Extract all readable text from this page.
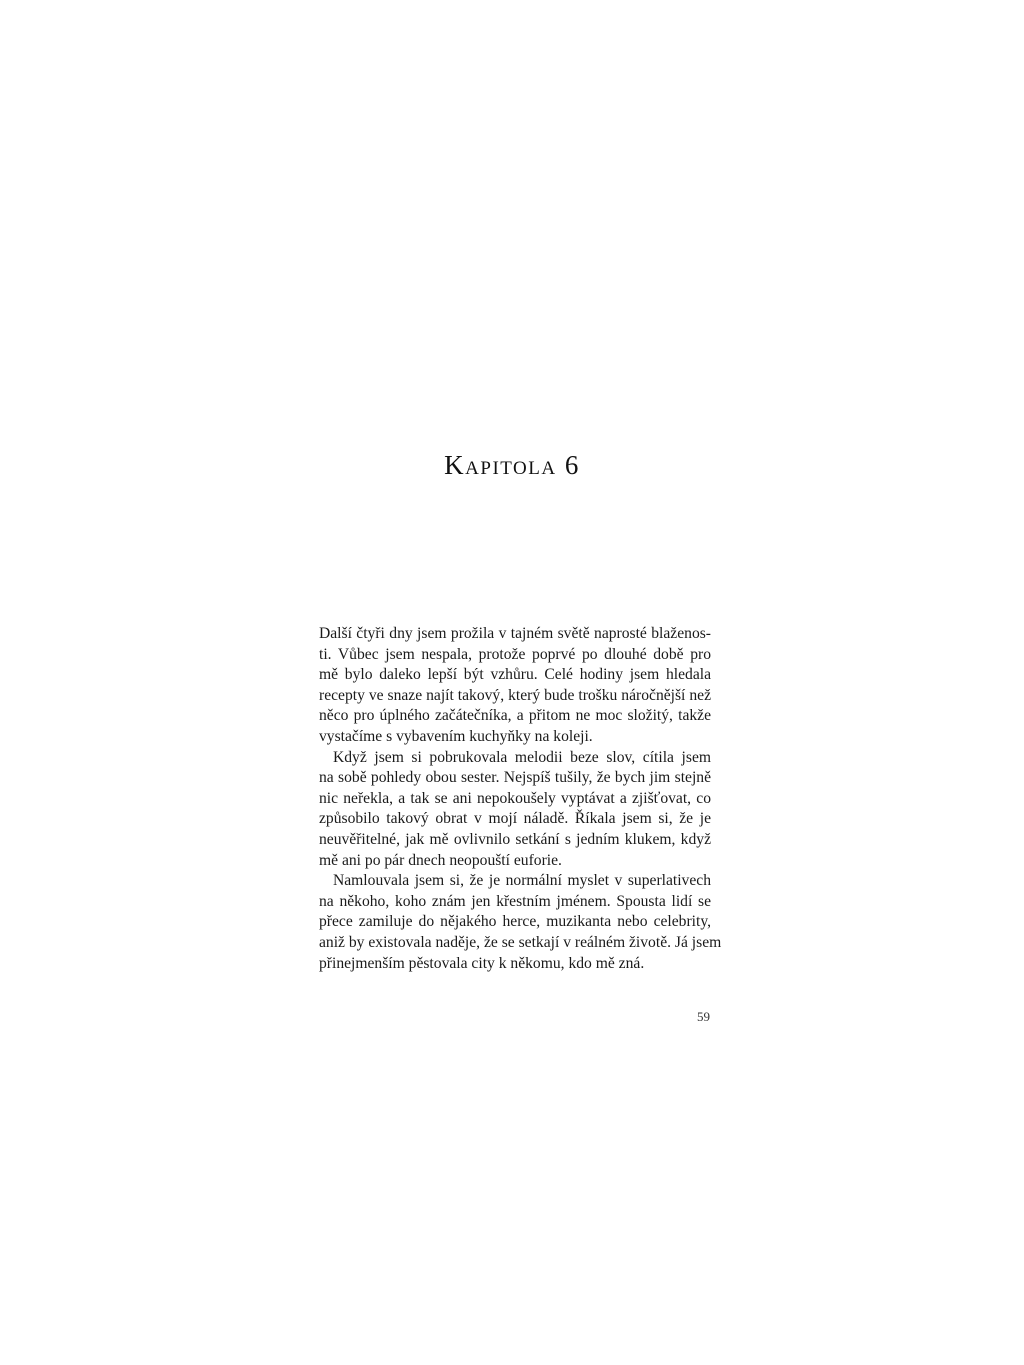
Kapitola 6
Další čtyři dny jsem prožila v tajném světě naprosté blaženos-
ti. Vůbec jsem nespala, protože poprvé po dlouhé době pro
mě bylo daleko lepší být vzhůru. Celé hodiny jsem hledala
recepty ve snaze najít takový, který bude trošku náročnější než
něco pro úplného začátečníka, a přitom ne moc složitý, takže
vystačíme s vybavením kuchyňky na koleji.
Když jsem si pobrukovala melodii beze slov, cítila jsem
na sobě pohledy obou sester. Nejspíš tušily, že bych jim stejně
nic neřekla, a tak se ani nepokoušely vyptávat a zjišťovat, co
způsobilo takový obrat v mojí náladě. Říkala jsem si, že je
neuvěřitelné, jak mě ovlivnilo setkání s jedním klukem, když
mě ani po pár dnech neopouští euforie.
Namlouvala jsem si, že je normální myslet v superlativech
na někoho, koho znám jen křestním jménem. Spousta lidí se
přece zamiluje do nějakého herce, muzikanta nebo celebrity,
aniž by existovala naděje, že se setkají v reálném životě. Já jsem
přinejmenším pěstovala city k někomu, kdo mě zná.
59
